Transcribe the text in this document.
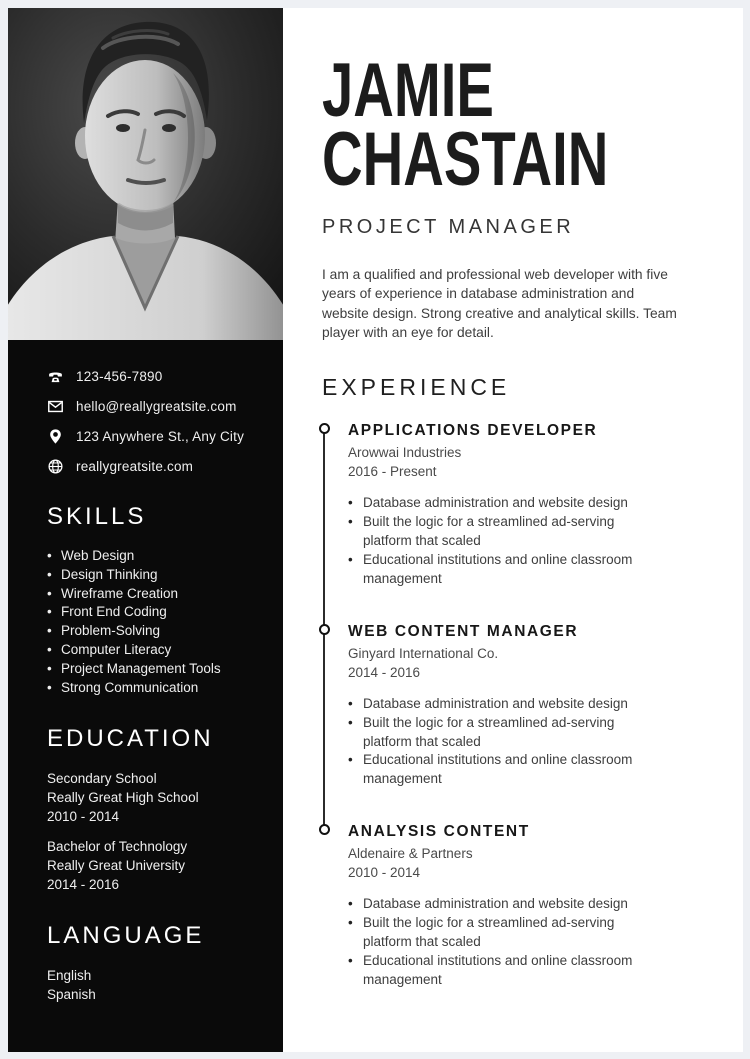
123-456-7890
hello@reallygreatsite.com
123 Anywhere St., Any City
reallygreatsite.com
SKILLS
• Web Design
• Design Thinking
• Wireframe Creation
• Front End Coding
• Problem-Solving
• Computer Literacy
• Project Management Tools
• Strong Communication
EDUCATION
Secondary School
Really Great High School
2010 - 2014
Bachelor of Technology
Really Great University
2014 - 2016
LANGUAGE
English
Spanish
JAMIE
CHASTAIN
PROJECT MANAGER

I am a qualified and professional web developer with five years of experience in database administration and website design. Strong creative and analytical skills. Team player with an eye for detail.

EXPERIENCE
APPLICATIONS DEVELOPER
Arowwai Industries
2016 - Present
• Database administration and website design
• Built the logic for a streamlined ad-serving platform that scaled
• Educational institutions and online classroom management
WEB CONTENT MANAGER
Ginyard International Co.
2014 - 2016
• Database administration and website design
• Built the logic for a streamlined ad-serving platform that scaled
• Educational institutions and online classroom management
ANALYSIS CONTENT
Aldenaire & Partners
2010 - 2014
• Database administration and website design
• Built the logic for a streamlined ad-serving platform that scaled
• Educational institutions and online classroom management
